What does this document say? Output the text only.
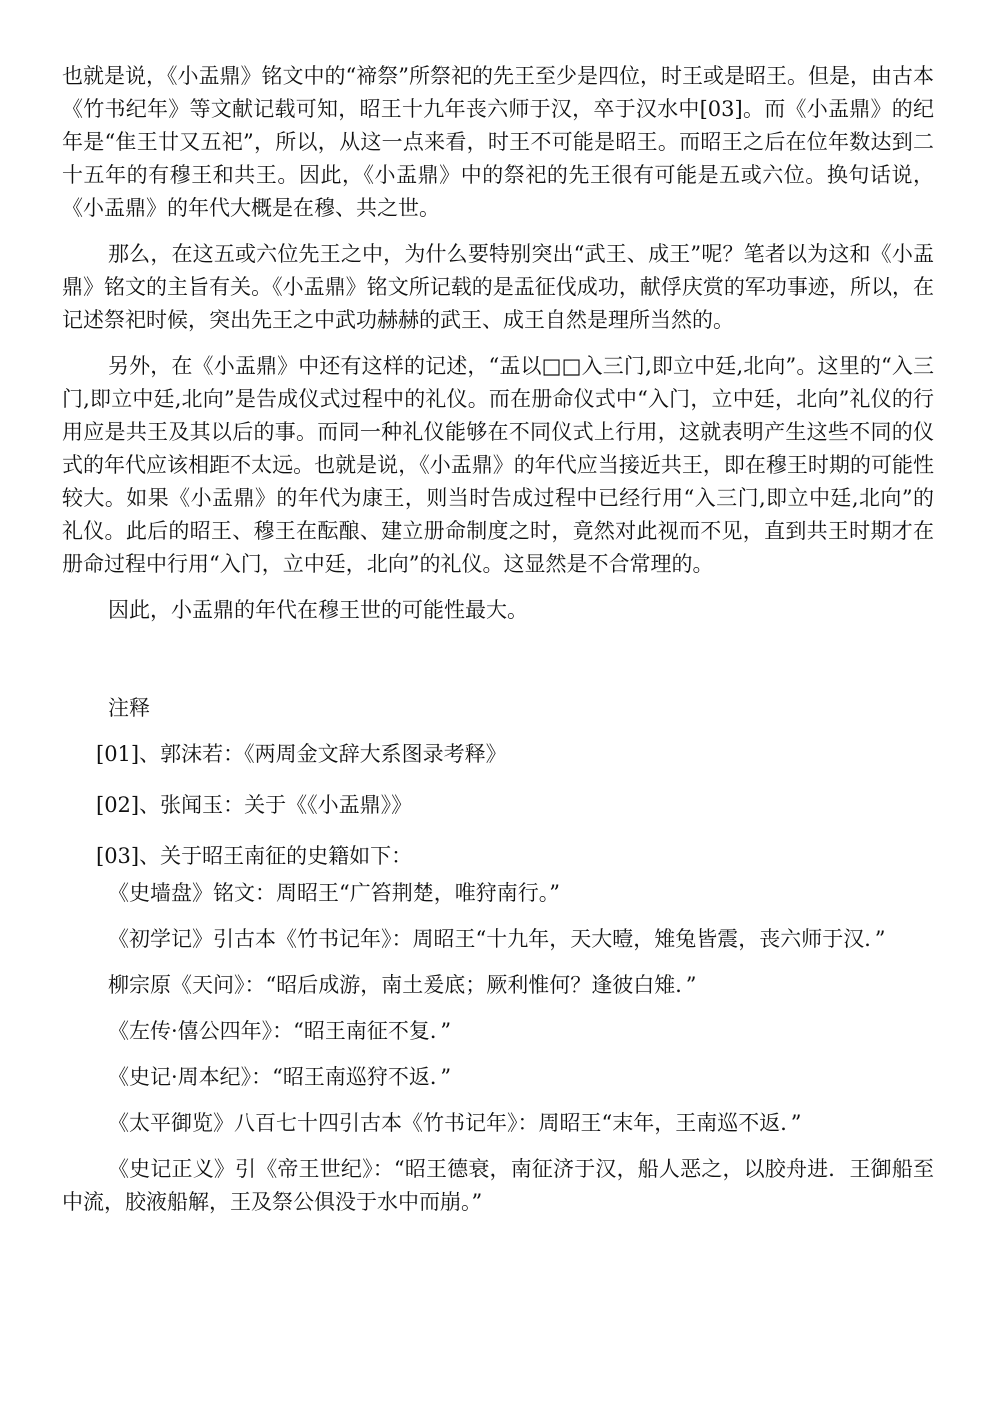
也就是说，《小盂鼎》铭文中的“禘祭”所祭祀的先王至少是四位，时王或是昭王。但是，由古本《竹书纪年》等文献记载可知，昭王十九年丧六师于汉，卒于汉水中[03]。而《小盂鼎》的纪年是“隹王廿又五祀”，所以，从这一点来看，时王不可能是昭王。而昭王之后在位年数达到二十五年的有穆王和共王。因此，《小盂鼎》中的祭祀的先王很有可能是五或六位。换句话说，《小盂鼎》的年代大概是在穆、共之世。

那么，在这五或六位先王之中，为什么要特别突出“武王、成王”呢？笔者以为这和《小盂鼎》铭文的主旨有关。《小盂鼎》铭文所记载的是盂征伐成功，献俘庆赏的军功事迹，所以，在记述祭祀时候，突出先王之中武功赫赫的武王、成王自然是理所当然的。

另外，在《小盂鼎》中还有这样的记述，“盂以□□入三门,即立中廷,北向”。这里的“入三门,即立中廷,北向”是告成仪式过程中的礼仪。而在册命仪式中“入门，立中廷，北向”礼仪的行用应是共王及其以后的事。而同一种礼仪能够在不同仪式上行用，这就表明产生这些不同的仪式的年代应该相距不太远。也就是说，《小盂鼎》的年代应当接近共王，即在穆王时期的可能性较大。如果《小盂鼎》的年代为康王，则当时告成过程中已经行用“入三门,即立中廷,北向”的礼仪。此后的昭王、穆王在酝酿、建立册命制度之时，竟然对此视而不见，直到共王时期才在册命过程中行用“入门，立中廷，北向”的礼仪。这显然是不合常理的。

因此，小盂鼎的年代在穆王世的可能性最大。

注释

[01]、郭沫若：《两周金文辞大系图录考释》

[02]、张闻玉：关于《《小盂鼎》》

[03]、关于昭王南征的史籍如下：

《史墙盘》铭文：周昭王“广笞荆楚，唯狩南行。”

《初学记》引古本《竹书记年》：周昭王“十九年，天大曀，雉兔皆震，丧六师于汉．”

柳宗原《天问》：“昭后成游，南土爰底；厥利惟何？逢彼白雉．”

《左传·僖公四年》：“昭王南征不复．”

《史记·周本纪》：“昭王南巡狩不返．”

《太平御览》八百七十四引古本《竹书记年》：周昭王“末年，王南巡不返．”

《史记正义》引《帝王世纪》：“昭王德衰，南征济于汉，船人恶之，以胶舟进．王御船至中流，胶液船解，王及祭公俱没于水中而崩。”
